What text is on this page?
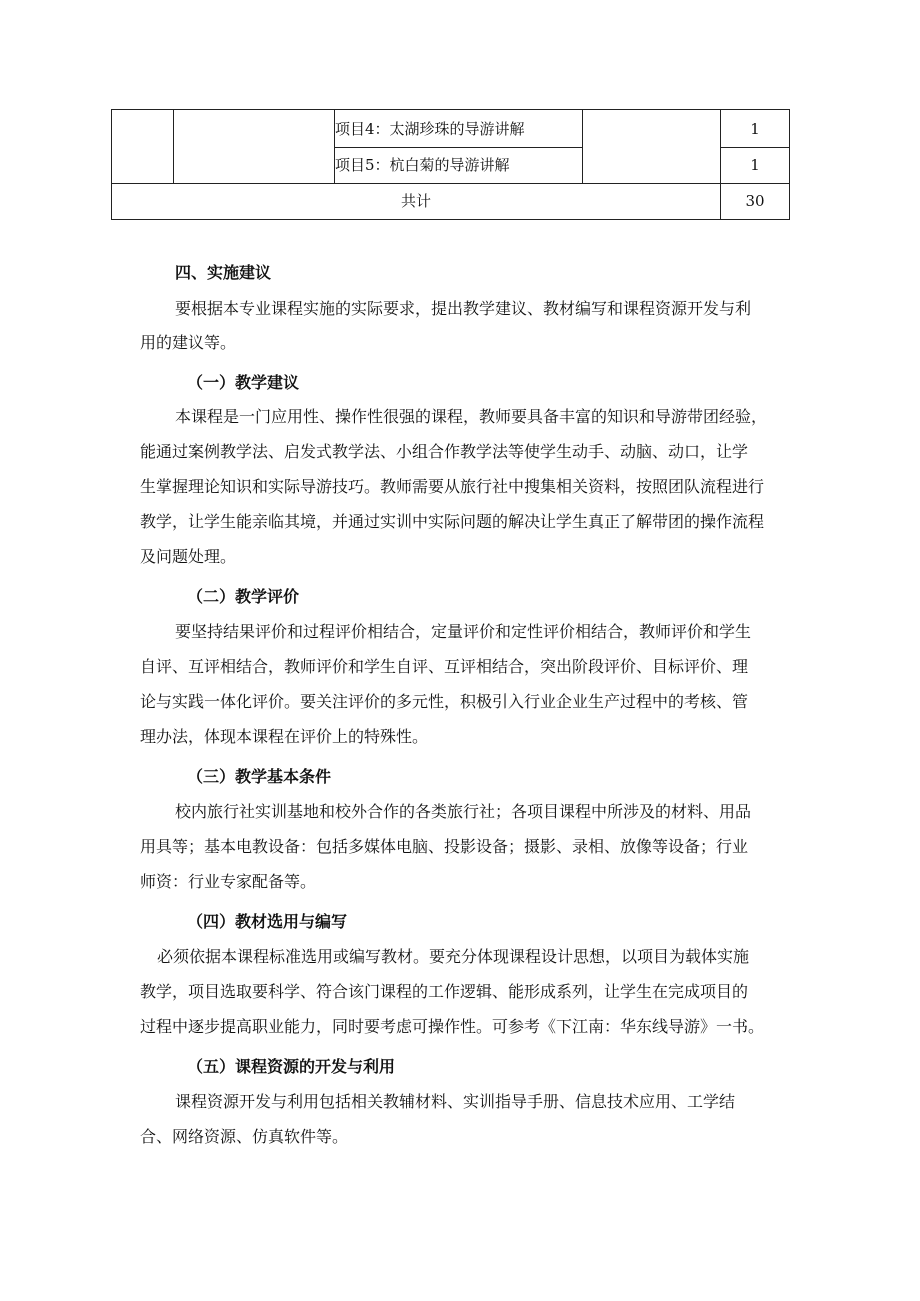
项目4：太湖珍珠的导游讲解	1
项目5：杭白菊的导游讲解	1
共计	30
四、实施建议
要根据本专业课程实施的实际要求，提出教学建议、教材编写和课程资源开发与利
用的建议等。
（一）教学建议
本课程是一门应用性、操作性很强的课程，教师要具备丰富的知识和导游带团经验，
能通过案例教学法、启发式教学法、小组合作教学法等使学生动手、动脑、动口，让学
生掌握理论知识和实际导游技巧。教师需要从旅行社中搜集相关资料，按照团队流程进行
教学，让学生能亲临其境，并通过实训中实际问题的解决让学生真正了解带团的操作流程
及问题处理。
（二）教学评价
要坚持结果评价和过程评价相结合，定量评价和定性评价相结合，教师评价和学生
自评、互评相结合，教师评价和学生自评、互评相结合，突出阶段评价、目标评价、理
论与实践一体化评价。要关注评价的多元性，积极引入行业企业生产过程中的考核、管
理办法，体现本课程在评价上的特殊性。
（三）教学基本条件
校内旅行社实训基地和校外合作的各类旅行社；各项目课程中所涉及的材料、用品
用具等；基本电教设备：包括多媒体电脑、投影设备；摄影、录相、放像等设备；行业
师资：行业专家配备等。
（四）教材选用与编写
必须依据本课程标准选用或编写教材。要充分体现课程设计思想，以项目为载体实施
教学，项目选取要科学、符合该门课程的工作逻辑、能形成系列，让学生在完成项目的
过程中逐步提高职业能力，同时要考虑可操作性。可参考《下江南：华东线导游》一书。
（五）课程资源的开发与利用
课程资源开发与利用包括相关教辅材料、实训指导手册、信息技术应用、工学结
合、网络资源、仿真软件等。
